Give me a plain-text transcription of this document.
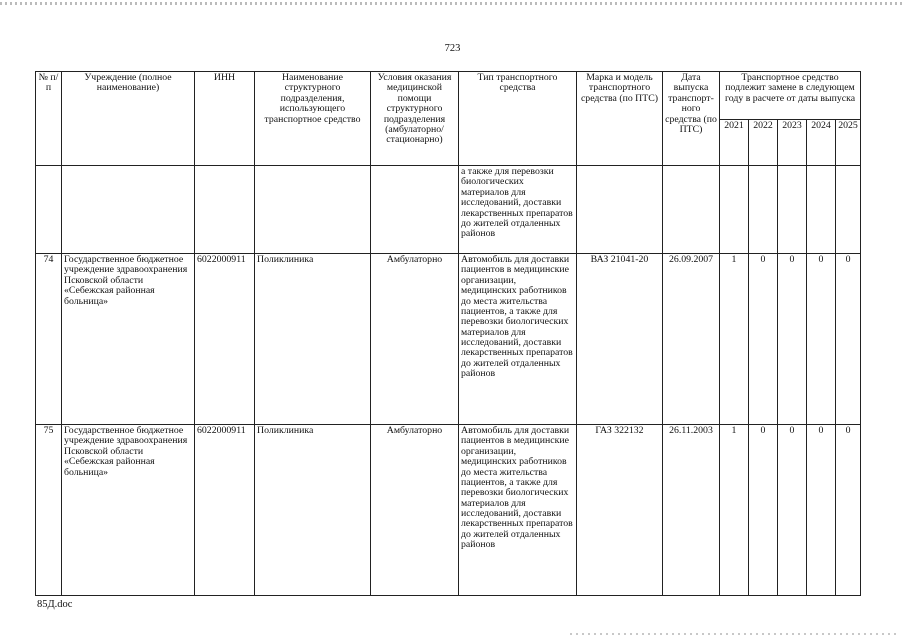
723
№ п/п	Учреждение (полное наименование)	ИНН	Наименование структурного подразделения, использующего транспортное средство	Условия оказания медицинской помощи структурного подразделения (амбулаторно/ стационарно)	Тип транспортного средства	Марка и модель транспортного средства (по ПТС)	Дата выпуска транспорт-ного средства (по ПТС)	Транспортное средство подлежит замене в следующем году в расчете от даты выпуска				
								2021	2022	2023	2024	2025
					а также для перевозки биологических материалов для исследований, доставки лекарственных препаратов до жителей отдаленных районов							
74	Государственное бюджетное учреждение здравоохранения Псковской области «Себежская районная больница»	6022000911	Поликлиника	Амбулаторно	Автомобиль для доставки пациентов в медицинские организации, медицинских работников до места жительства пациентов, а также для перевозки биологических материалов для исследований, доставки лекарственных препаратов до жителей отдаленных районов	ВАЗ 21041-20	26.09.2007	1	0	0	0	0
75	Государственное бюджетное учреждение здравоохранения Псковской области «Себежская районная больница»	6022000911	Поликлиника	Амбулаторно	Автомобиль для доставки пациентов в медицинские организации, медицинских работников до места жительства пациентов, а также для перевозки биологических материалов для исследований, доставки лекарственных препаратов до жителей отдаленных районов	ГАЗ 322132	26.11.2003	1	0	0	0	0
85Д.doc
